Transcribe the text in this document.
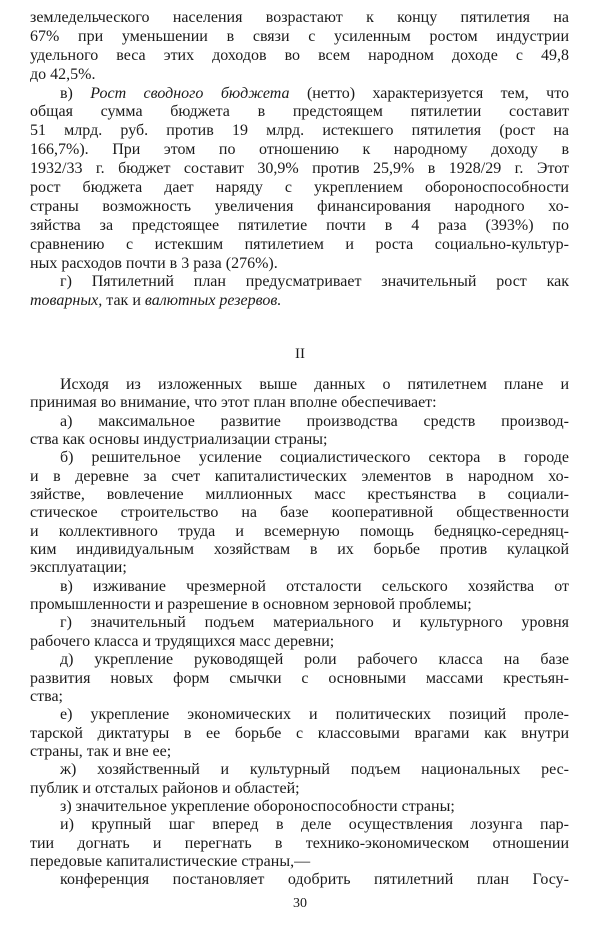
земледельческого населения возрастают к концу пятилетия на
67% при уменьшении в связи с усиленным ростом индустрии
удельного веса этих доходов во всем народном доходе с 49,8
до 42,5%.
в) Рост сводного бюджета (нетто) характеризуется тем, что
общая сумма бюджета в предстоящем пятилетии составит
51 млрд. руб. против 19 млрд. истекшего пятилетия (рост на
166,7%). При этом по отношению к народному доходу в
1932/33 г. бюджет составит 30,9% против 25,9% в 1928/29 г. Этот
рост бюджета дает наряду с укреплением обороноспособности
страны возможность увеличения финансирования народного хо-
зяйства за предстоящее пятилетие почти в 4 раза (393%) по
сравнению с истекшим пятилетием и роста социально-культур-
ных расходов почти в 3 раза (276%).
г) Пятилетний план предусматривает значительный рост как
товарных, так и валютных резервов.
II
Исходя из изложенных выше данных о пятилетнем плане и
принимая во внимание, что этот план вполне обеспечивает:
а) максимальное развитие производства средств производ-
ства как основы индустриализации страны;
б) решительное усиление социалистического сектора в городе
и в деревне за счет капиталистических элементов в народном хо-
зяйстве, вовлечение миллионных масс крестьянства в социали-
стическое строительство на базе кооперативной общественности
и коллективного труда и всемерную помощь бедняцко-середняц-
ким индивидуальным хозяйствам в их борьбе против кулацкой
эксплуатации;
в) изживание чрезмерной отсталости сельского хозяйства от
промышленности и разрешение в основном зерновой проблемы;
г) значительный подъем материального и культурного уровня
рабочего класса и трудящихся масс деревни;
д) укрепление руководящей роли рабочего класса на базе
развития новых форм смычки с основными массами крестьян-
ства;
е) укрепление экономических и политических позиций проле-
тарской диктатуры в ее борьбе с классовыми врагами как внутри
страны, так и вне ее;
ж) хозяйственный и культурный подъем национальных рес-
публик и отсталых районов и областей;
з) значительное укрепление обороноспособности страны;
и) крупный шаг вперед в деле осуществления лозунга пар-
тии догнать и перегнать в технико-экономическом отношении
передовые капиталистические страны,—
конференция постановляет одобрить пятилетний план Госу-
30
